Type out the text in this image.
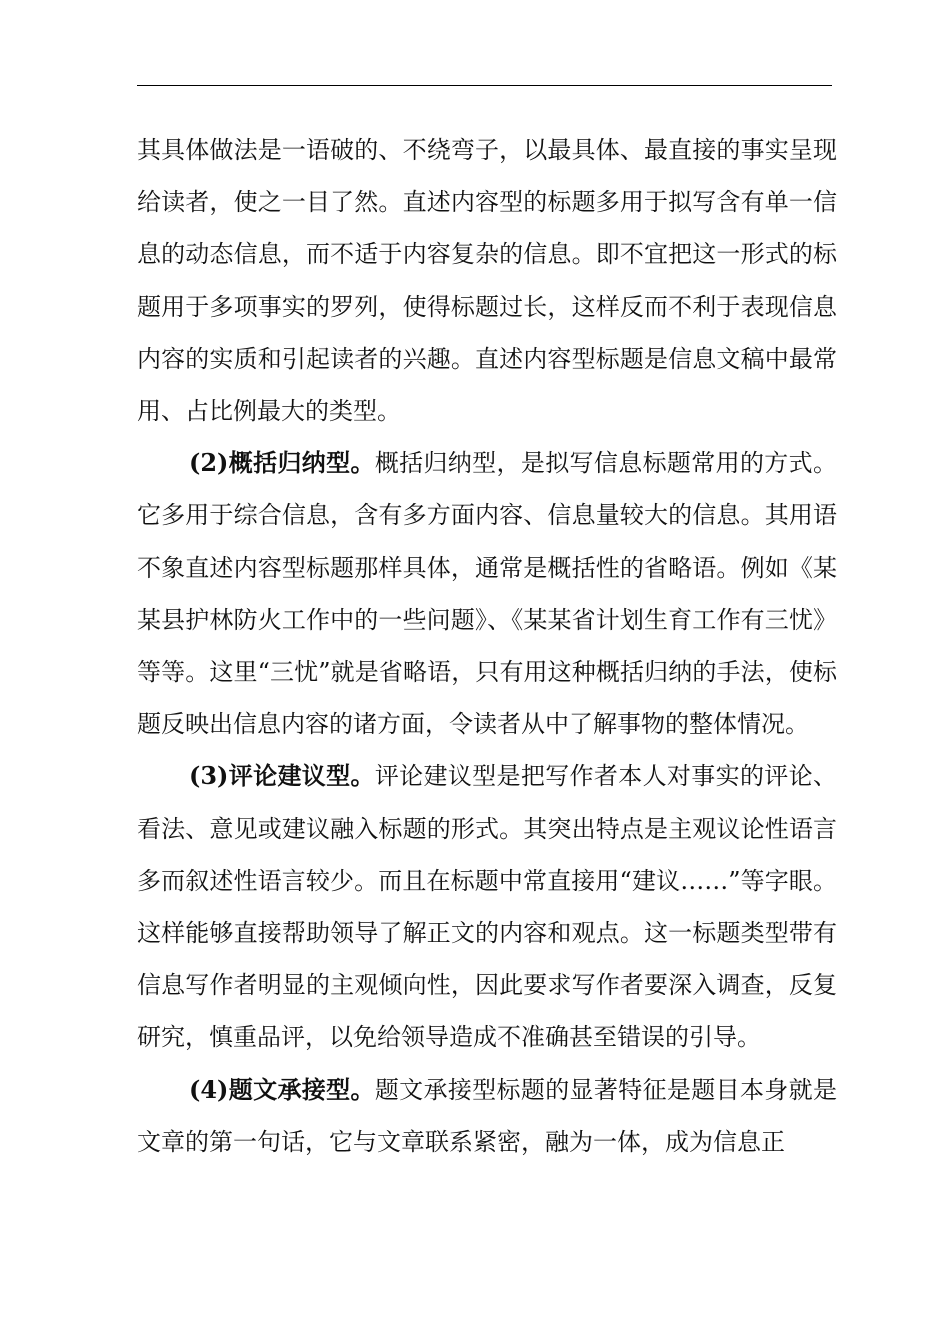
其具体做法是一语破的、不绕弯子，以最具体、最直接的事实呈现给读者，使之一目了然。直述内容型的标题多用于拟写含有单一信息的动态信息，而不适于内容复杂的信息。即不宜把这一形式的标题用于多项事实的罗列，使得标题过长，这样反而不利于表现信息内容的实质和引起读者的兴趣。直述内容型标题是信息文稿中最常用、占比例最大的类型。

(2)概括归纳型。概括归纳型，是拟写信息标题常用的方式。它多用于综合信息，含有多方面内容、信息量较大的信息。其用语不象直述内容型标题那样具体，通常是概括性的省略语。例如《某某县护林防火工作中的一些问题》、《某某省计划生育工作有三忧》等等。这里“三忧”就是省略语，只有用这种概括归纳的手法，使标题反映出信息内容的诸方面，令读者从中了解事物的整体情况。

(3)评论建议型。评论建议型是把写作者本人对事实的评论、看法、意见或建议融入标题的形式。其突出特点是主观议论性语言多而叙述性语言较少。而且在标题中常直接用“建议……”等字眼。这样能够直接帮助领导了解正文的内容和观点。这一标题类型带有信息写作者明显的主观倾向性，因此要求写作者要深入调查，反复研究，慎重品评，以免给领导造成不准确甚至错误的引导。

(4)题文承接型。题文承接型标题的显著特征是题目本身就是文章的第一句话，它与文章联系紧密，融为一体，成为信息正
